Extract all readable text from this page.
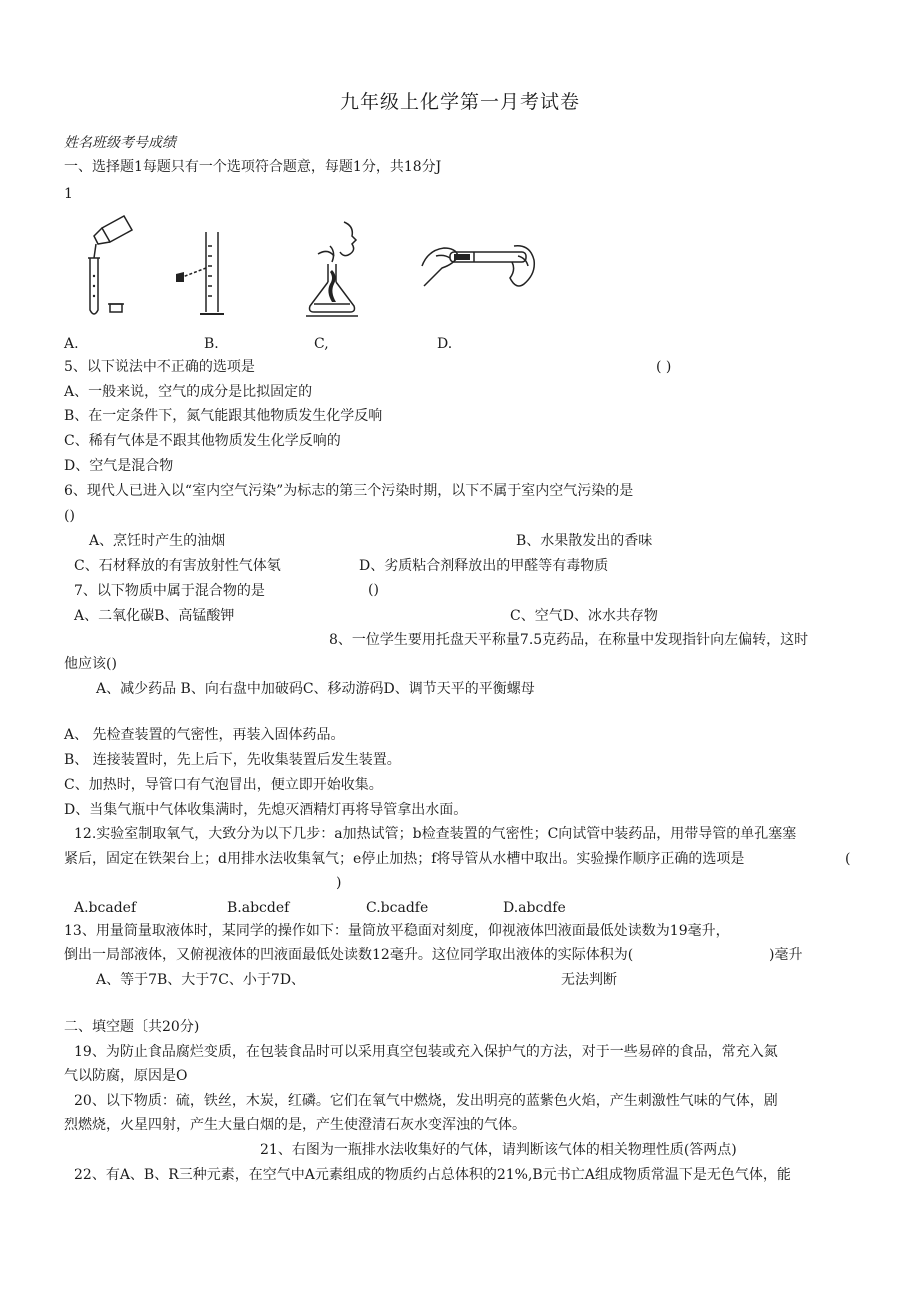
九年级上化学第一月考试卷
姓名班级考号成绩
一、选择题1每题只有一个选项符合题意，每题1分，共18分J
1
A.	B.	C,	D.
5、以下说法中不正确的选项是	( )
A、一般来说，空气的成分是比拟固定的
B、在一定条件下，氮气能跟其他物质发生化学反响
C、稀有气体是不跟其他物质发生化学反响的
D、空气是混合物
6、现代人已进入以“室内空气污染”为标志的第三个污染时期，以下不属于室内空气污染的是
()
A、烹饪时产生的油烟	B、水果散发出的香味
C、石材释放的有害放射性气体氡	D、劣质粘合剂释放出的甲醛等有毒物质
7、以下物质中属于混合物的是	()
A、二氧化碳B、高锰酸钾	C、空气D、冰水共存物
8、一位学生要用托盘天平称量7.5克药品，在称量中发现指针向左偏转，这时
他应该()
A、减少药品 B、向右盘中加破码C、移动游码D、调节天平的平衡螺母
A、 先检查装置的气密性，再装入固体药品。
B、 连接装置时，先上后下，先收集装置后发生装置。
C、加热时，导管口有气泡冒出，便立即开始收集。
D、当集气瓶中气体收集满时，先熄灭酒精灯再将导管拿出水面。
12.实验室制取氧气，大致分为以下几步：a加热试管；b检查装置的气密性；C向试管中装药品，用带导管的单孔塞塞
紧后，固定在铁架台上；d用排水法收集氧气；e停止加热；f将导管从水槽中取出。实验操作顺序正确的选项是	(
)
A.bcadef	B.abcdef	C.bcadfe	D.abcdfe
13、用量筒量取液体时，某同学的操作如下：量筒放平稳面对刻度，仰视液体凹液面最低处读数为19毫升，
倒出一局部液体，又俯视液体的凹液面最低处读数12毫升。这位同学取出液体的实际体积为(	)毫升
A、等于7B、大于7C、小于7D、	无法判断
二、填空题〔共20分)
19、为防止食品腐烂变质，在包装食品时可以采用真空包装或充入保护气的方法，对于一些易碎的食品，常充入氮
气以防腐，原因是O
20、以下物质：硫，铁丝，木炭，红磷。它们在氧气中燃烧，发出明亮的蓝紫色火焰，产生刺激性气味的气体，剧
烈燃烧，火星四射，产生大量白烟的是，产生使澄清石灰水变浑浊的气体。
21、右图为一瓶排水法收集好的气体，请判断该气体的相关物理性质(答两点)
22、有A、B、R三种元素，在空气中A元素组成的物质约占总体积的21%,B元书亡A组成物质常温下是无色气体，能
